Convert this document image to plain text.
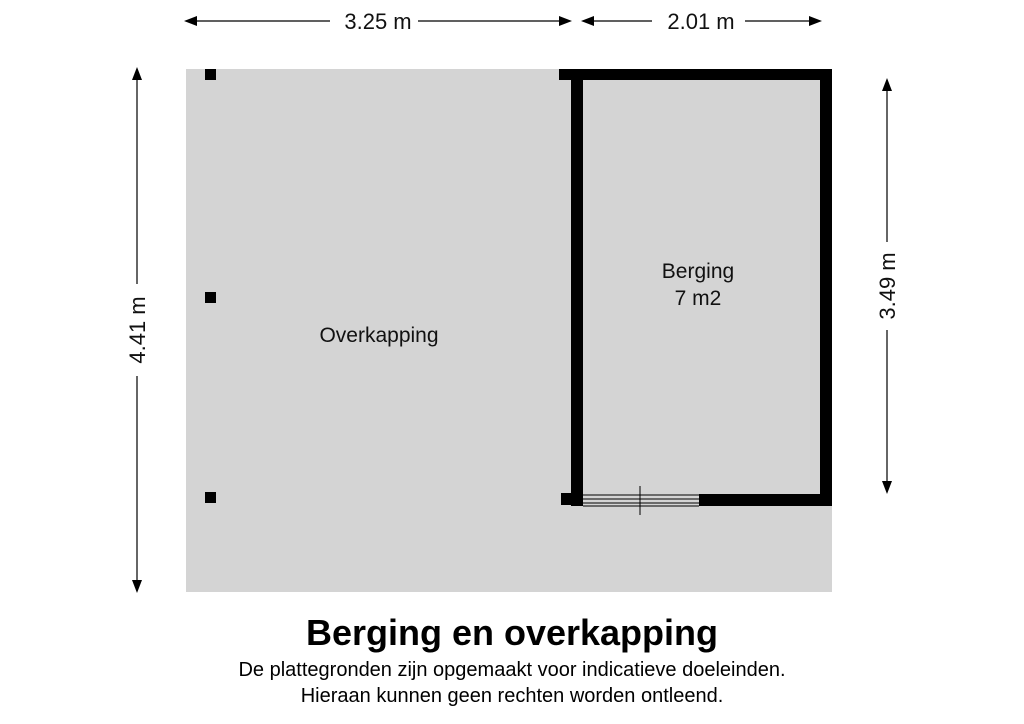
3.25 m	2.01 m
4.41 m
3.49 m
Overkapping
Berging
7 m2
Berging en overkapping
De plattegronden zijn opgemaakt voor indicatieve doeleinden.
Hieraan kunnen geen rechten worden ontleend.
